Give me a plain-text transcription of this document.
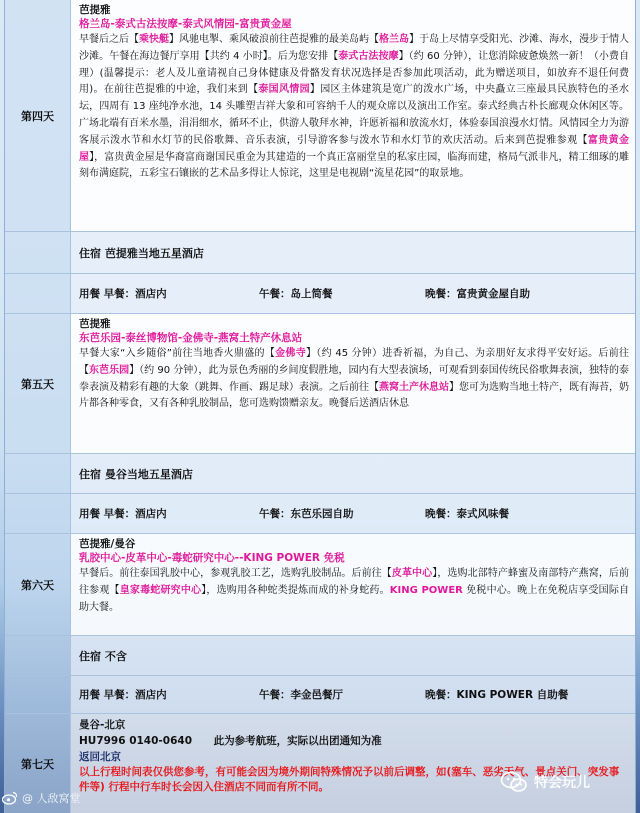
第四天
芭提雅
格兰岛-泰式古法按摩-泰式风情园-富贵黄金屋
早餐后之后【乘快艇】风驰电掣、乘风破浪前往芭提雅的最美岛屿【格兰岛】于岛上尽情享受阳光、沙滩、海水，漫步于情人沙滩。午餐在海边餐厅享用【共约 4 小时】。后为您安排【泰式古法按摩】（约 60 分钟），让您消除疲惫焕然一新！（小费自理）(温馨提示：老人及儿童请视自己身体健康及骨骼发育状况选择是否参加此项活动，此为赠送项目，如放弃不退任何费用)。在前往芭提雅的中途，我们来到【泰国风情园】园区主体建筑是宽广的泼水广场，中央矗立三座最具民族特色的圣水坛，四周有 13 座纯净水池，14 头雕塑吉祥大象和可容纳千人的观众席以及演出工作室。泰式经典古朴长廊观众休闲区等。广场北端有百米水墨，涓涓细水，循环不止，供游人敬拜水神，许愿祈福和放流水灯，体验泰国浪漫水灯情。风情园全力为游客展示泼水节和水灯节的民俗歌舞、音乐表演，引导游客参与泼水节和水灯节的欢庆活动。后来到芭提雅参观【富贵黄金屋】，富贵黄金屋是华裔富商谢国民重金为其建造的一个真正富丽堂皇的私家庄园，临海而建，格局气派非凡，精工细琢的雕刻布满庭院，五彩宝石镶嵌的艺术品多得让人惊诧，这里是电视剧“流星花园”的取景地。
住宿 芭提雅当地五星酒店
用餐 早餐：酒店内	午餐：岛上简餐	晚餐：富贵黄金屋自助
第五天
芭提雅
东芭乐园-泰丝博物馆-金佛寺-燕窝土特产休息站
早餐大家“入乡随俗”前往当地香火鼎盛的【金佛寺】（约 45 分钟）进香祈福，为自己、为亲朋好友求得平安好运。后前往【东芭乐园】（约 90 分钟），此为景色秀丽的乡间度假胜地，园内有大型表演场，可观看到泰国传统民俗歌舞表演，独特的泰拳表演及精彩有趣的大象（跳舞、作画、踢足球）表演。之后前往【燕窝土产休息站】您可为选购当地土特产，既有海苔，奶片都各种零食，又有各种乳胶制品，您可选购馈赠亲友。晚餐后送酒店休息
住宿 曼谷当地五星酒店
用餐 早餐：酒店内	午餐：东芭乐园自助	晚餐：泰式风味餐
第六天
芭提雅/曼谷
乳胶中心-皮革中心-毒蛇研究中心--KING POWER 免税
早餐后。前往泰国乳胶中心，参观乳胶工艺，选购乳胶制品。后前往【皮革中心】，选购北部特产蜂蜜及南部特产燕窝，后前往参观【皇家毒蛇研究中心】，选购用各种蛇类提炼而成的补身蛇药。KING POWER 免税中心。晚上在免税店享受国际自助大餐。
住宿 不含
用餐 早餐：酒店内	午餐：李金邑餐厅	晚餐：KING POWER 自助餐
第七天
曼谷-北京
HU7996 0140-0640 此为参考航班，实际以出团通知为准
返回北京
以上行程时间表仅供您参考，有可能会因为境外期间特殊情况予以前后调整，如(塞车、恶劣天气、景点关门、突发事件等) 行程中行车时长会因入住酒店不同而有所不同。
@ 人敌窝堂
特会玩儿
